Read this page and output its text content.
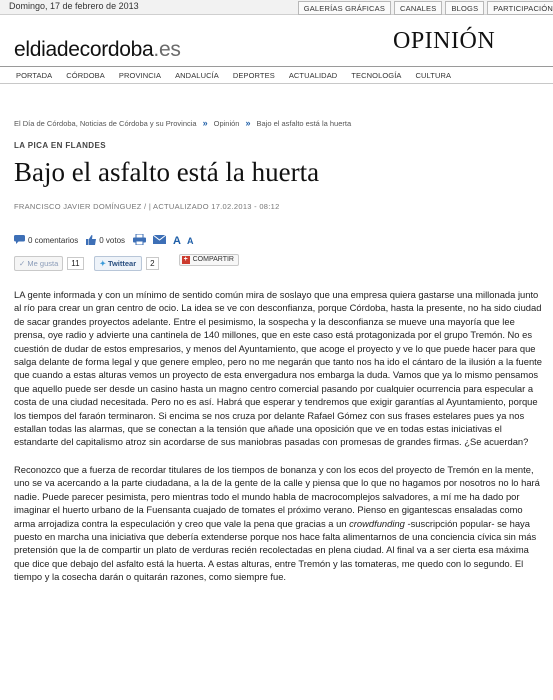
Domingo, 17 de febrero de 2013	GALERÍAS GRÁFICAS	CANALES	BLOGS	PARTICIPACIÓN
eldiadecordoba.es	OPINIÓN
PORTADA CÓRDOBA PROVINCIA ANDALUCÍA DEPORTES ACTUALIDAD TECNOLOGÍA CULTURA
El Día de Córdoba, Noticias de Córdoba y su Provincia » Opinión » Bajo el asfalto está la huerta
LA PICA EN FLANDES
Bajo el asfalto está la huerta
FRANCISCO JAVIER DOMÍNGUEZ / | ACTUALIZADO 17.02.2013 - 08:12
0 comentarios	0 votos	A A
✓ Me gusta	11	✦ Twittear	2	+ COMPARTIR

LA gente informada y con un mínimo de sentido común mira de soslayo que una empresa quiera gastarse una millonada junto al río para crear un gran centro de ocio. La idea se ve con desconfianza, porque Córdoba, hasta la presente, no ha sido ciudad de sacar grandes proyectos adelante. Entre el pesimismo, la sospecha y la desconfianza se mueve una mayoría que lee prensa, oye radio y advierte una cantinela de 140 millones, que en este caso está protagonizada por el grupo Tremón. No es cuestión de dudar de estos empresarios, y menos del Ayuntamiento, que acoge el proyecto y ve lo que puede hacer para que salga delante de forma legal y que genere empleo, pero no me negarán que tanto nos ha ido el cántaro de la ilusión a la fuente que cuando a estas alturas vemos un proyecto de esta envergadura nos embarga la duda. Vamos que ya lo mismo pensamos que aquello puede ser desde un casino hasta un magno centro comercial pasando por cualquier ocurrencia para especular a costa de una ciudad necesitada. Pero no es así. Habrá que esperar y tendremos que exigir garantías al Ayuntamiento, porque los tiempos del faraón terminaron. Si encima se nos cruza por delante Rafael Gómez con sus frases estelares pues ya nos estallan todas las alarmas, que se conectan a la tensión que añade una oposición que ve en todas estas iniciativas el estandarte del capitalismo atroz sin acordarse de sus maniobras pasadas con promesas de grandes firmas. ¿Se acuerdan?

Reconozco que a fuerza de recordar titulares de los tiempos de bonanza y con los ecos del proyecto de Tremón en la mente, uno se va acercando a la parte ciudadana, a la de la gente de la calle y piensa que lo que no hagamos por nosotros no lo hará nadie. Puede parecer pesimista, pero mientras todo el mundo habla de macrocomplejos salvadores, a mí me ha dado por imaginar el huerto urbano de la Fuensanta cuajado de tomates el próximo verano. Pienso en gigantescas ensaladas como arma arrojadiza contra la especulación y creo que vale la pena que gracias a un crowdfunding -suscripción popular- se haya puesto en marcha una iniciativa que debería extenderse porque nos hace falta alimentarnos de una conciencia cívica sin más pretensión que la de compartir un plato de verduras recién recolectadas en plena ciudad. Al final va a ser cierta esa máxima que dice que debajo del asfalto está la huerta. A estas alturas, entre Tremón y las tomateras, me quedo con lo segundo. El tiempo y la cosecha darán o quitarán razones, como siempre fue.
